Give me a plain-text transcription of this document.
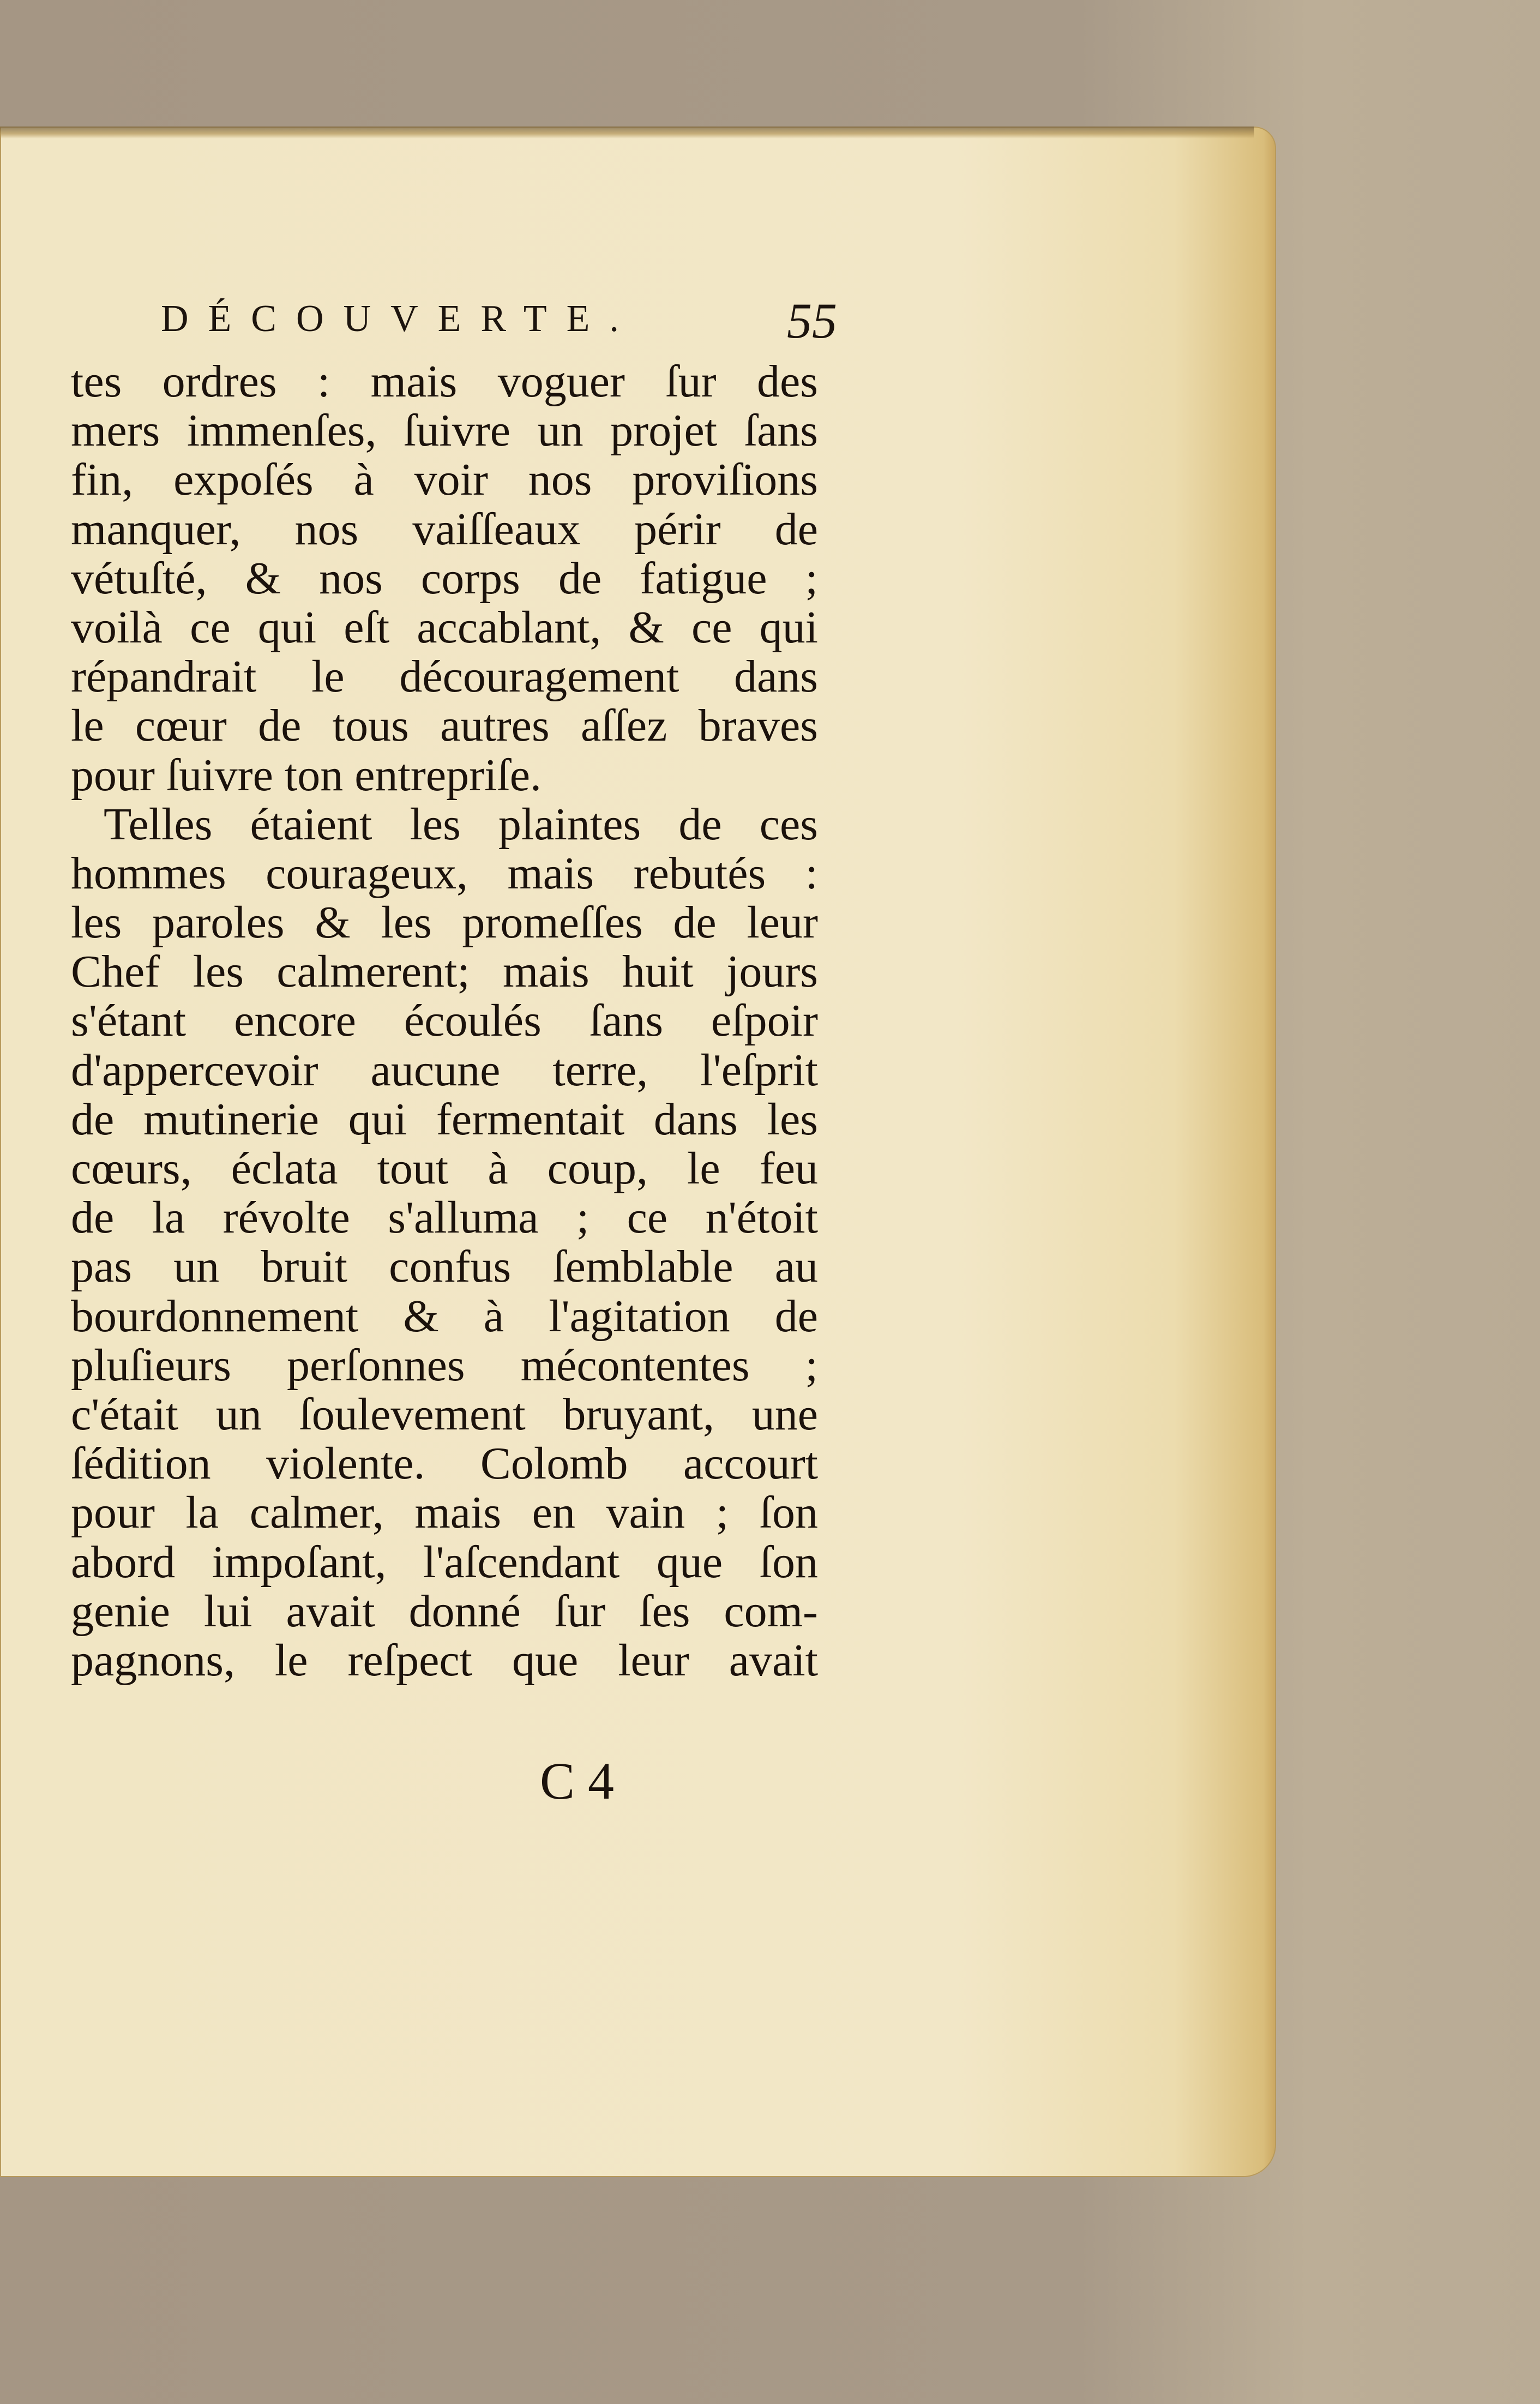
DÉCOUVERTE.	55
tes ordres : mais voguer ſur des
mers immenſes, ſuivre un projet ſans
fin, expoſés à voir nos proviſions
manquer, nos vaiſſeaux périr de
vétuſté, & nos corps de fatigue ;
voilà ce qui eſt accablant, & ce qui
répandrait le découragement dans
le cœur de tous autres aſſez braves
pour ſuivre ton entrepriſe.
Telles étaient les plaintes de ces
hommes courageux, mais rebutés :
les paroles & les promeſſes de leur
Chef les calmerent; mais huit jours
s'étant encore écoulés ſans eſpoir
d'appercevoir aucune terre, l'eſprit
de mutinerie qui fermentait dans les
cœurs, éclata tout à coup, le feu
de la révolte s'alluma ; ce n'étoit
pas un bruit confus ſemblable au
bourdonnement & à l'agitation de
pluſieurs perſonnes mécontentes ;
c'était un ſoulevement bruyant, une
ſédition violente. Colomb accourt
pour la calmer, mais en vain ; ſon
abord impoſant, l'aſcendant que ſon
genie lui avait donné ſur ſes com-
pagnons, le reſpect que leur avait
C 4
